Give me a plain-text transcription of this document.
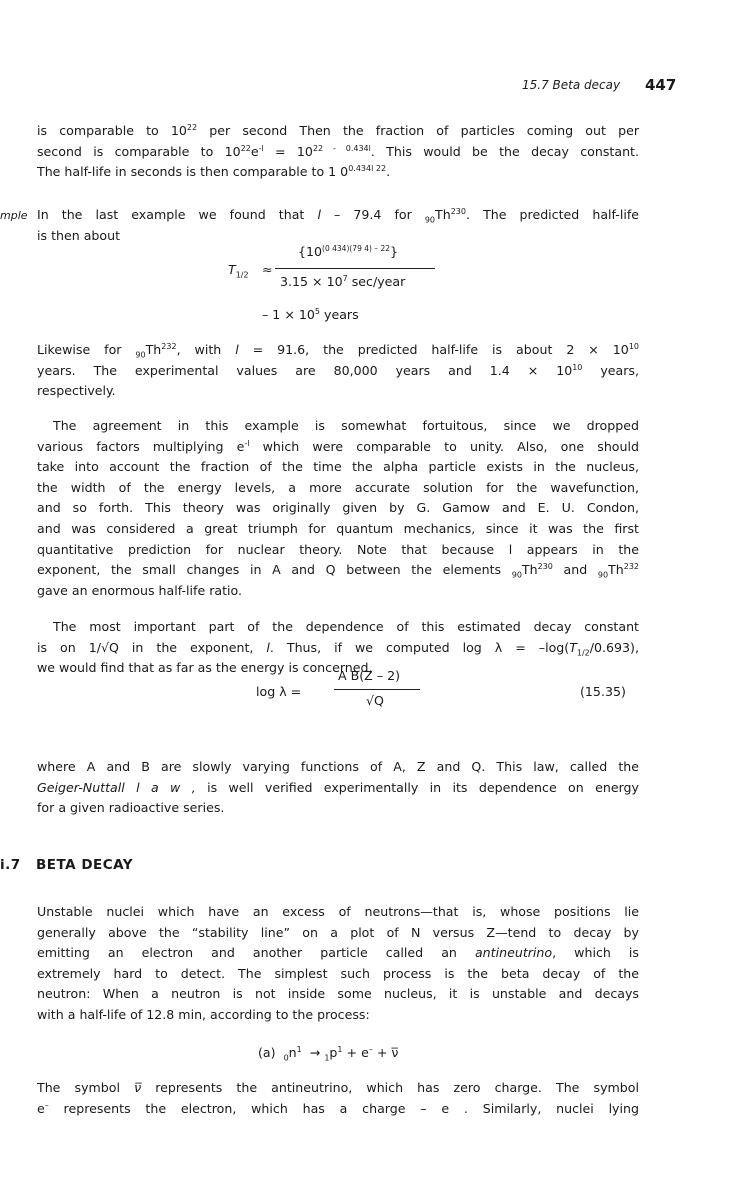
15.7 Beta decay 447
is comparable to $10^{22}$ per second Then the fraction of particles coming out per
second is comparable to $10^{22}e^{-l} = 10^{22 - 0.434l}$. This would be the decay constant.
The half-life in seconds is then comparable to 1 $0^{0.434l 22}$.
mple In the last example we found that l – 79.4 for $_{90}Th^{230}$. The predicted half-life
is then about
$T_{1/2}$ ≈
$\{10^{(0 434)(79 4) - 22}\}$
$3.15 \times 10^7$ sec/year
– $1 \times 10^5$ years
Likewise for $_{90}Th^{232}$, with l = 91.6, the predicted half-life is about $2 \times 10^{10}$
years. The experimental values are 80,000 years and $1.4 \times 10^{10}$ years,
respectively.
The agreement in this example is somewhat fortuitous, since we dropped
various factors multiplying $e^{-l}$ which were comparable to unity. Also, one should
take into account the fraction of the time the alpha particle exists in the nucleus,
the width of the energy levels, a more accurate solution for the wavefunction,
and so forth. This theory was originally given by G. Gamow and E. U. Condon,
and was considered a great triumph for quantum mechanics, since it was the first
quantitative prediction for nuclear theory. Note that because l appears in the
exponent, the small changes in A and Q between the elements $_{90}Th^{230}$ and $_{90}Th^{232}$
gave an enormous half-life ratio.
The most important part of the dependence of this estimated decay constant
is on 1/√Q in the exponent, l. Thus, if we computed $\log \lambda = -\log(T_{1/2}/0.693)$,
we would find that as far as the energy is concerned,
log λ =
A B(Z – 2)
√Q
(15.35)
where A and B are slowly varying functions of A, Z and Q. This law, called the
Geiger-Nuttall l a w , is well verified experimentally in its dependence on energy
for a given radioactive series.
i.7 BETA DECAY
Unstable nuclei which have an excess of neutrons—that is, whose positions lie
generally above the “stability line” on a plot of N versus Z—tend to decay by
emitting an electron and another particle called an antineutrino, which is
extremely hard to detect. The simplest such process is the beta decay of the
neutron: When a neutron is not inside some nucleus, it is unstable and decays
with a half-life of 12.8 min, according to the process:
(a) $_0n^1 \to _1p^1 + e^-$ + ν̅
The symbol ν̅ represents the antineutrino, which has zero charge. The symbol
e– represents the electron, which has a charge – e . Similarly, nuclei lying
